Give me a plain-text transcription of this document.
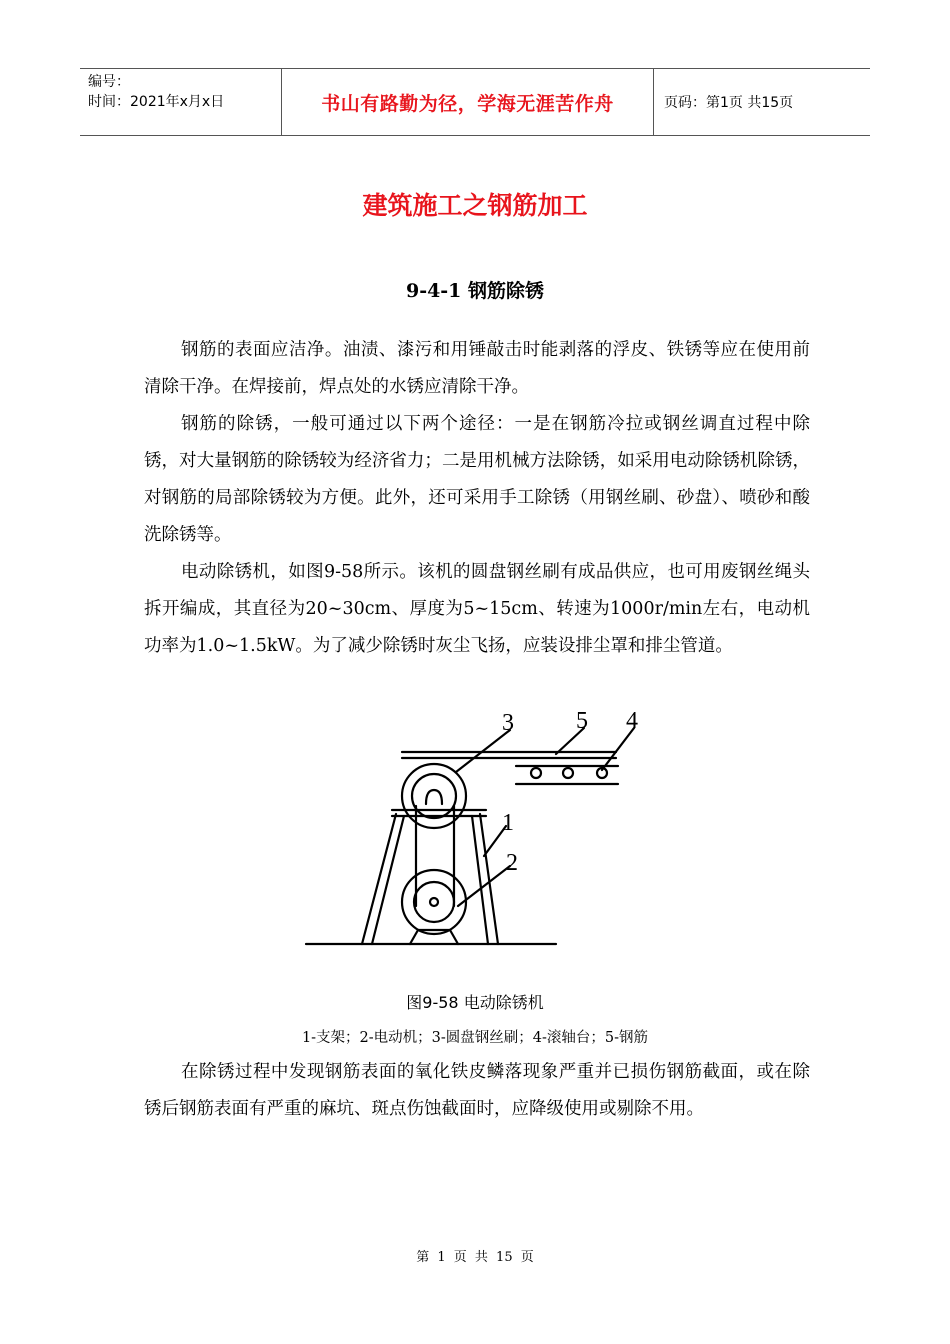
编号：
时间：2021年x月x日	书山有路勤为径，学海无涯苦作舟	页码：第1页 共15页
建筑施工之钢筋加工
9-4-1 钢筋除锈

钢筋的表面应洁净。油渍、漆污和用锤敲击时能剥落的浮皮、铁锈等应在使用前清除干净。在焊接前，焊点处的水锈应清除干净。

钢筋的除锈，一般可通过以下两个途径：一是在钢筋冷拉或钢丝调直过程中除锈，对大量钢筋的除锈较为经济省力；二是用机械方法除锈，如采用电动除锈机除锈，对钢筋的局部除锈较为方便。此外，还可采用手工除锈（用钢丝刷、砂盘）、喷砂和酸洗除锈等。

电动除锈机，如图9-58所示。该机的圆盘钢丝刷有成品供应，也可用废钢丝绳头拆开编成，其直径为20~30cm、厚度为5~15cm、转速为1000r/min左右，电动机功率为1.0~1.5kW。为了减少除锈时灰尘飞扬，应装设排尘罩和排尘管道。

3	5 4
1
2
图9-58 电动除锈机
1-支架；2-电动机；3-圆盘钢丝刷；4-滚轴台；5-钢筋

在除锈过程中发现钢筋表面的氧化铁皮鳞落现象严重并已损伤钢筋截面，或在除锈后钢筋表面有严重的麻坑、斑点伤蚀截面时，应降级使用或剔除不用。

第 1 页 共 15 页
